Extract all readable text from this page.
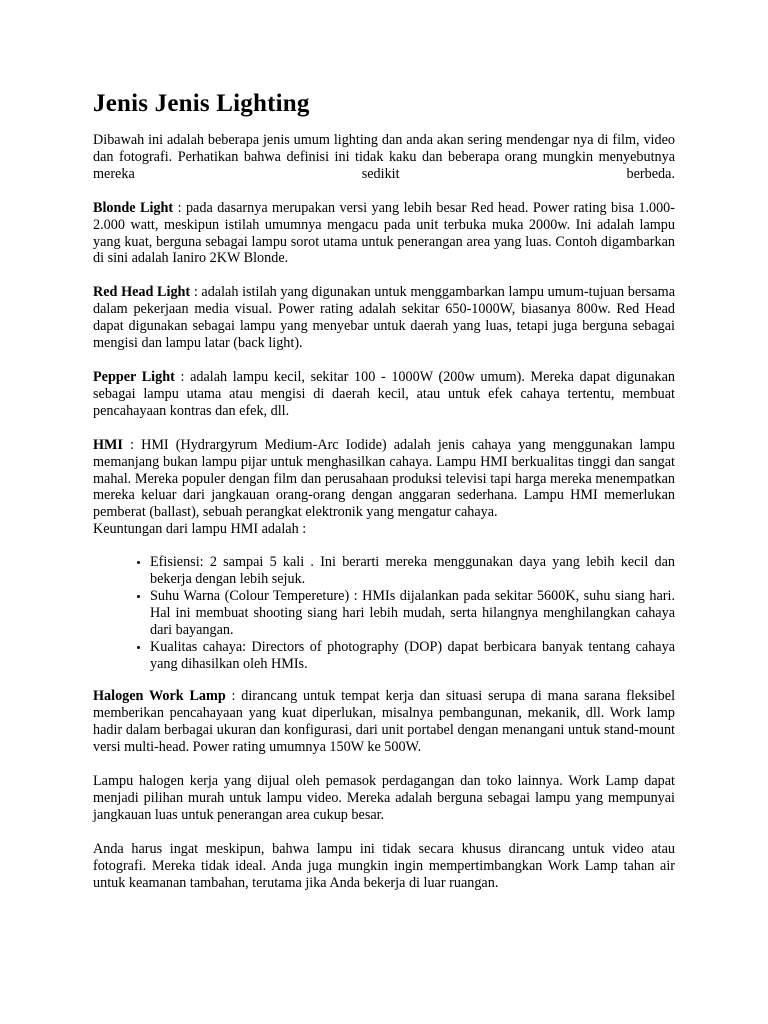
Jenis Jenis Lighting

Dibawah ini adalah beberapa jenis umum lighting dan anda akan sering mendengar nya di film, video dan fotografi. Perhatikan bahwa definisi ini tidak kaku dan beberapa orang mungkin menyebutnya mereka sedikit berbeda.

Blonde Light : pada dasarnya merupakan versi yang lebih besar Red head. Power rating bisa 1.000-2.000 watt, meskipun istilah umumnya mengacu pada unit terbuka muka 2000w. Ini adalah lampu yang kuat, berguna sebagai lampu sorot utama untuk penerangan area yang luas. Contoh digambarkan di sini adalah Ianiro 2KW Blonde.

Red Head Light : adalah istilah yang digunakan untuk menggambarkan lampu umum-tujuan bersama dalam pekerjaan media visual. Power rating adalah sekitar 650-1000W, biasanya 800w. Red Head dapat digunakan sebagai lampu yang menyebar untuk daerah yang luas, tetapi juga berguna sebagai mengisi dan lampu latar (back light).

Pepper Light : adalah lampu kecil, sekitar 100 - 1000W (200w umum). Mereka dapat digunakan sebagai lampu utama atau mengisi di daerah kecil, atau untuk efek cahaya tertentu, membuat pencahayaan kontras dan efek, dll.

HMI : HMI (Hydrargyrum Medium-Arc Iodide) adalah jenis cahaya yang menggunakan lampu memanjang bukan lampu pijar untuk menghasilkan cahaya. Lampu HMI berkualitas tinggi dan sangat mahal. Mereka populer dengan film dan perusahaan produksi televisi tapi harga mereka menempatkan mereka keluar dari jangkauan orang-orang dengan anggaran sederhana. Lampu HMI memerlukan pemberat (ballast), sebuah perangkat elektronik yang mengatur cahaya.

Keuntungan dari lampu HMI adalah :

• Efisiensi: 2 sampai 5 kali . Ini berarti mereka menggunakan daya yang lebih kecil dan bekerja dengan lebih sejuk.
• Suhu Warna (Colour Tempereture) : HMIs dijalankan pada sekitar 5600K, suhu siang hari. Hal ini membuat shooting siang hari lebih mudah, serta hilangnya menghilangkan cahaya dari bayangan.
• Kualitas cahaya: Directors of photography (DOP) dapat berbicara banyak tentang cahaya yang dihasilkan oleh HMIs.

Halogen Work Lamp : dirancang untuk tempat kerja dan situasi serupa di mana sarana fleksibel memberikan pencahayaan yang kuat diperlukan, misalnya pembangunan, mekanik, dll. Work lamp hadir dalam berbagai ukuran dan konfigurasi, dari unit portabel dengan menangani untuk stand-mount versi multi-head. Power rating umumnya 150W ke 500W.

Lampu halogen kerja yang dijual oleh pemasok perdagangan dan toko lainnya. Work Lamp dapat menjadi pilihan murah untuk lampu video. Mereka adalah berguna sebagai lampu yang mempunyai jangkauan luas untuk penerangan area cukup besar.

Anda harus ingat meskipun, bahwa lampu ini tidak secara khusus dirancang untuk video atau fotografi. Mereka tidak ideal. Anda juga mungkin ingin mempertimbangkan Work Lamp tahan air untuk keamanan tambahan, terutama jika Anda bekerja di luar ruangan.
